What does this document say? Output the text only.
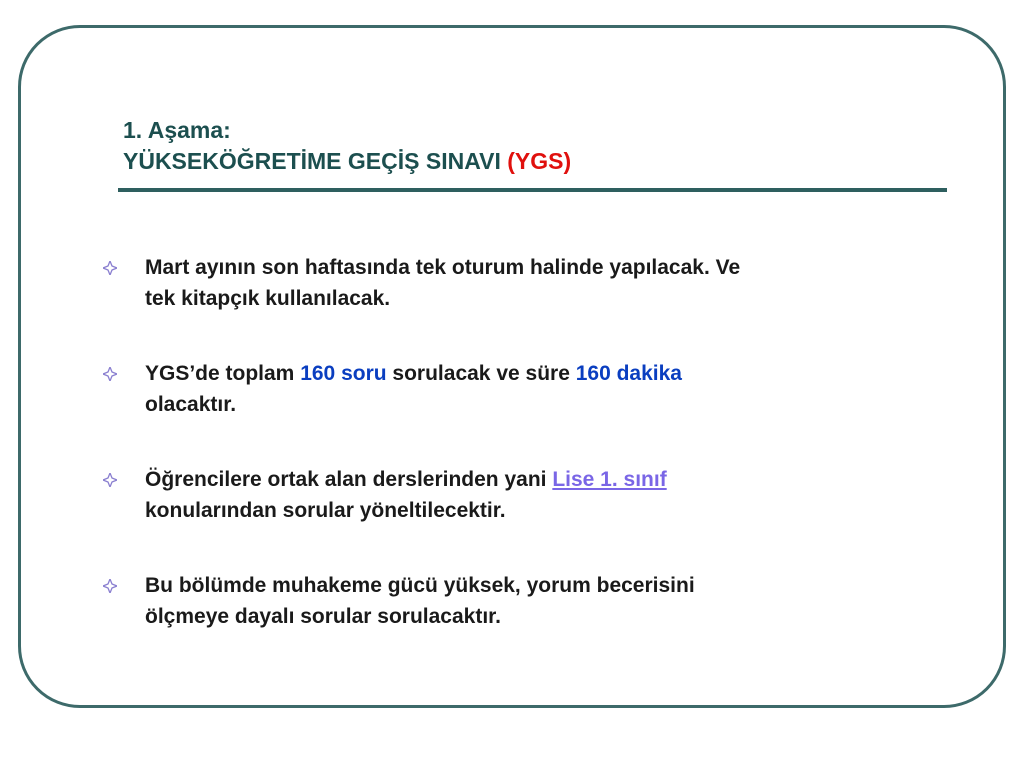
1. Aşama:
YÜKSEKÖĞRETİME GEÇİŞ SINAVI (YGS)
Mart ayının son haftasında tek oturum halinde yapılacak. Ve
tek kitapçık kullanılacak.
YGS’de toplam 160 soru sorulacak ve süre 160 dakika
olacaktır.
Öğrencilere ortak alan derslerinden yani Lise 1. sınıf
konularından sorular yöneltilecektir.
Bu bölümde muhakeme gücü yüksek, yorum becerisini
ölçmeye dayalı sorular sorulacaktır.
